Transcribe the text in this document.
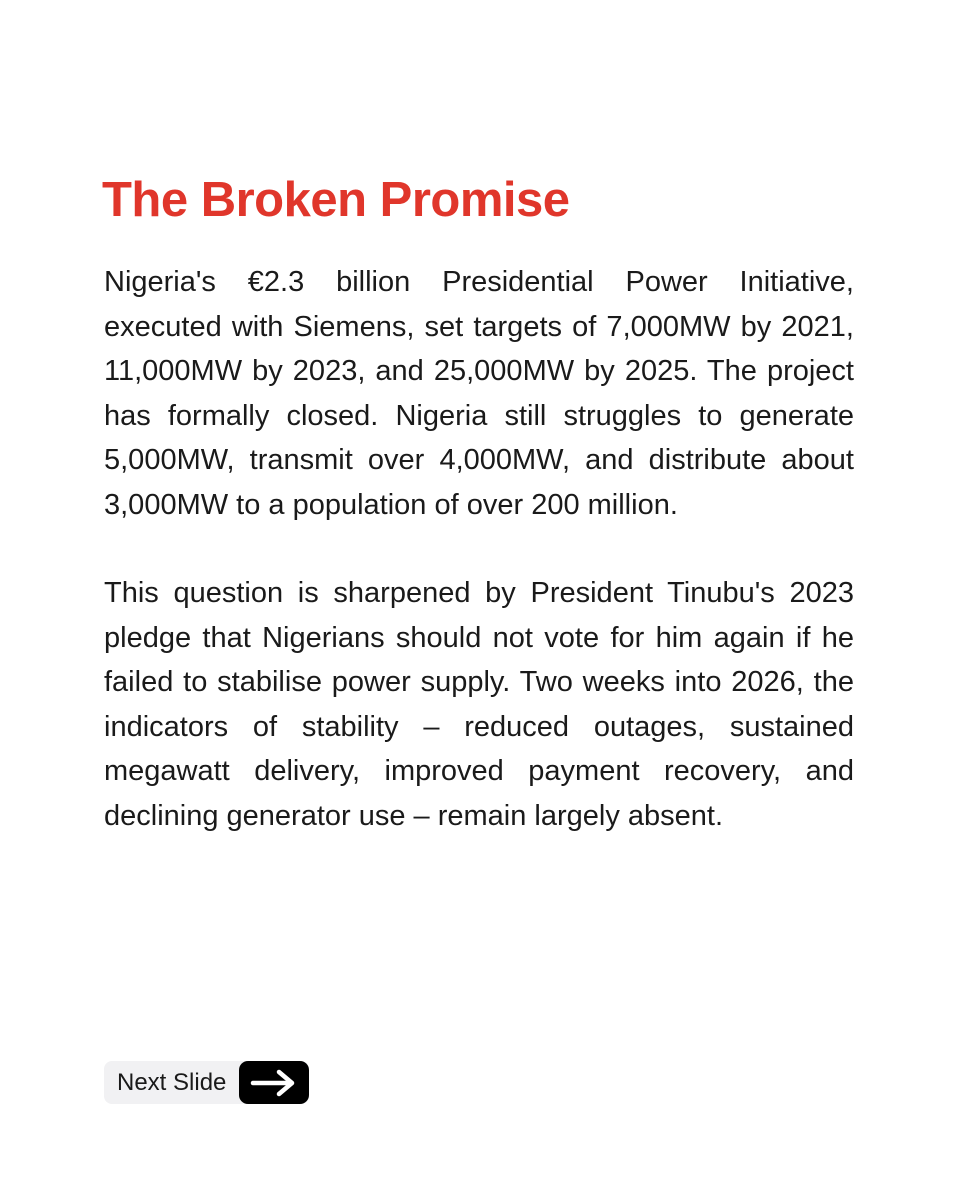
The Broken Promise

Nigeria's €2.3 billion Presidential Power Initiative, executed with Siemens, set targets of 7,000MW by 2021, 11,000MW by 2023, and 25,000MW by 2025. The project has formally closed. Nigeria still struggles to generate 5,000MW, transmit over 4,000MW, and distribute about 3,000MW to a population of over 200 million.

This question is sharpened by President Tinubu's 2023 pledge that Nigerians should not vote for him again if he failed to stabilise power supply. Two weeks into 2026, the indicators of stability – reduced outages, sustained megawatt delivery, improved payment recovery, and declining generator use – remain largely absent.

Next Slide
